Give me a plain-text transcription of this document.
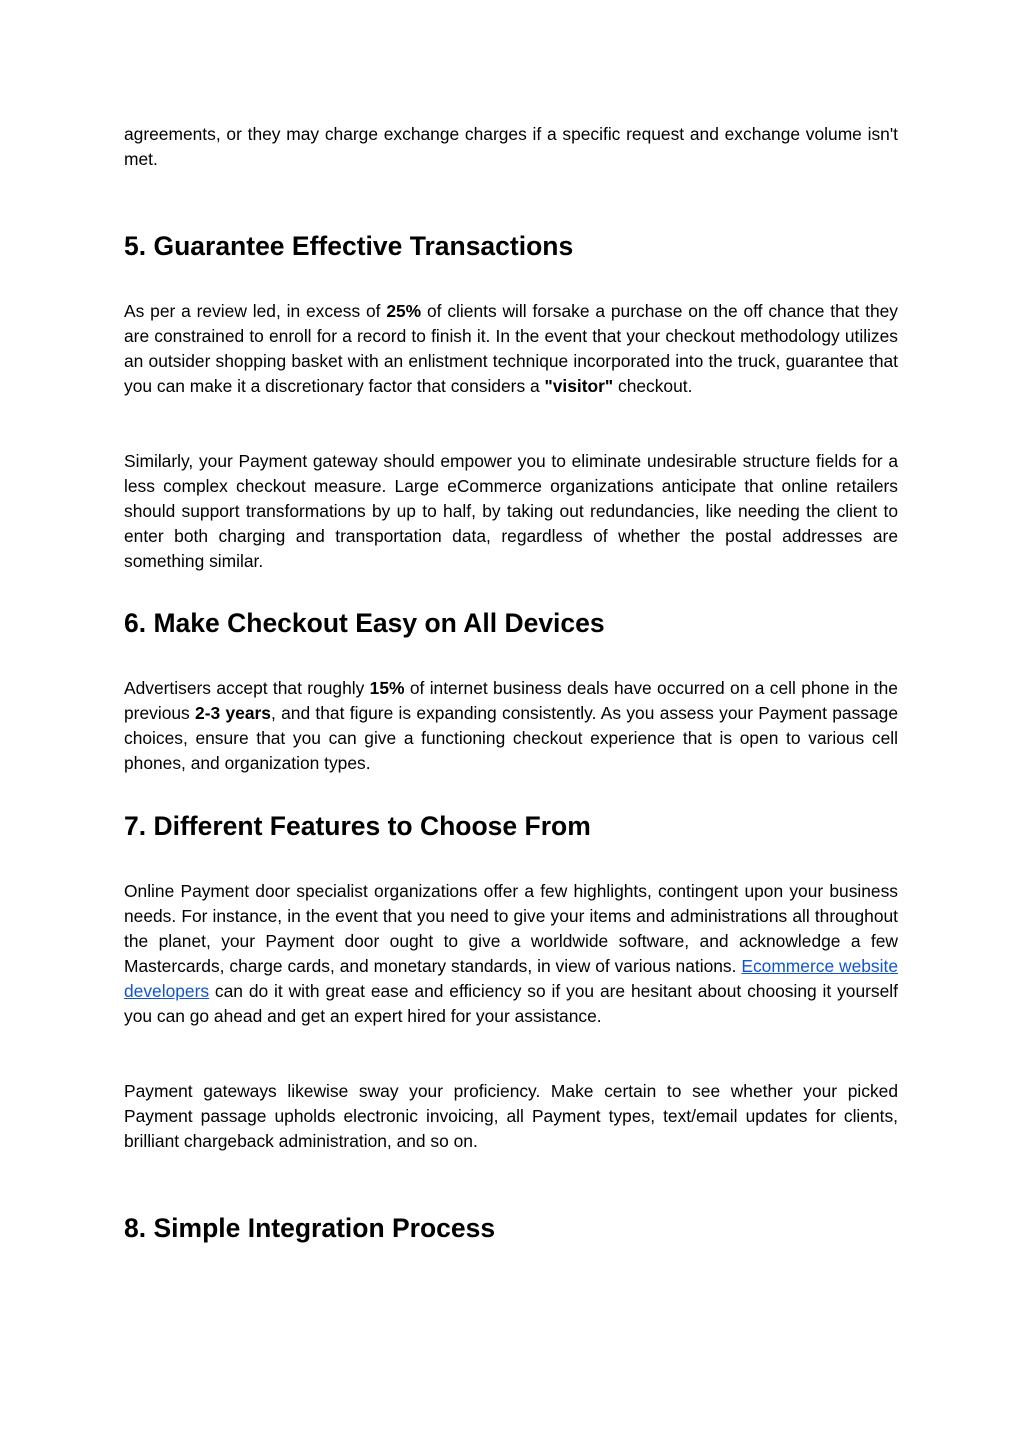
agreements, or they may charge exchange charges if a specific request and exchange volume isn't met.

5. Guarantee Effective Transactions

As per a review led, in excess of 25% of clients will forsake a purchase on the off chance that they are constrained to enroll for a record to finish it. In the event that your checkout methodology utilizes an outsider shopping basket with an enlistment technique incorporated into the truck, guarantee that you can make it a discretionary factor that considers a "visitor" checkout.

Similarly, your Payment gateway should empower you to eliminate undesirable structure fields for a less complex checkout measure. Large eCommerce organizations anticipate that online retailers should support transformations by up to half, by taking out redundancies, like needing the client to enter both charging and transportation data, regardless of whether the postal addresses are something similar.

6. Make Checkout Easy on All Devices

Advertisers accept that roughly 15% of internet business deals have occurred on a cell phone in the previous 2-3 years, and that figure is expanding consistently. As you assess your Payment passage choices, ensure that you can give a functioning checkout experience that is open to various cell phones, and organization types.

7. Different Features to Choose From

Online Payment door specialist organizations offer a few highlights, contingent upon your business needs. For instance, in the event that you need to give your items and administrations all throughout the planet, your Payment door ought to give a worldwide software, and acknowledge a few Mastercards, charge cards, and monetary standards, in view of various nations. Ecommerce website developers can do it with great ease and efficiency so if you are hesitant about choosing it yourself you can go ahead and get an expert hired for your assistance.

Payment gateways likewise sway your proficiency. Make certain to see whether your picked Payment passage upholds electronic invoicing, all Payment types, text/email updates for clients, brilliant chargeback administration, and so on.

8. Simple Integration Process
